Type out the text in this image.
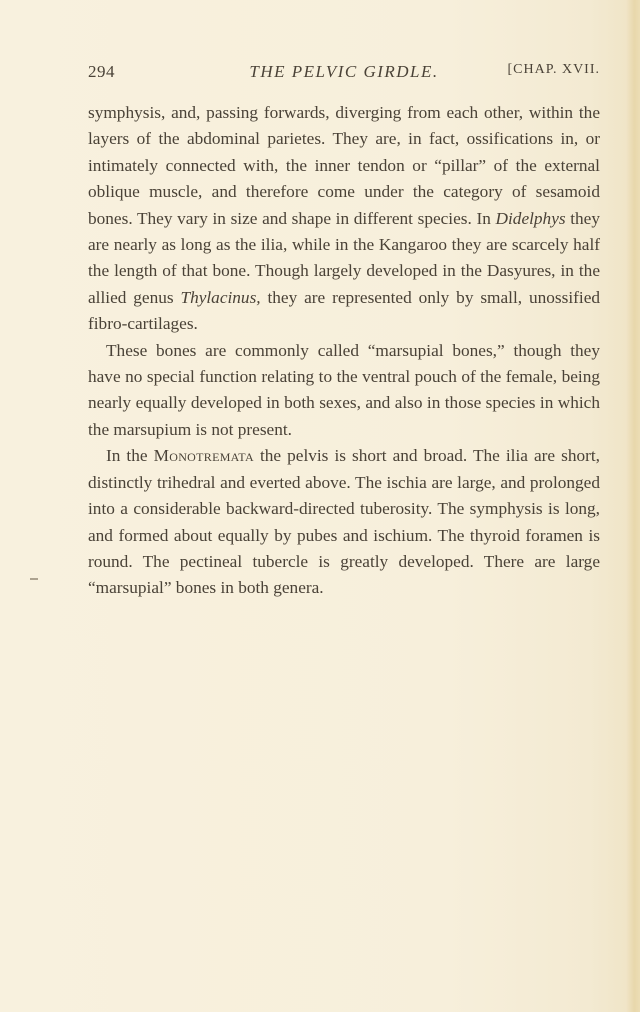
294	THE PELVIC GIRDLE.	[CHAP. XVII.

symphysis, and, passing forwards, diverging from each other, within the layers of the abdominal parietes. They are, in fact, ossifications in, or intimately connected with, the inner tendon or “pillar” of the external oblique muscle, and therefore come under the category of sesamoid bones. They vary in size and shape in different species. In Didelphys they are nearly as long as the ilia, while in the Kangaroo they are scarcely half the length of that bone. Though largely developed in the Dasyures, in the allied genus Thylacinus, they are represented only by small, unossified fibro-cartilages.

These bones are commonly called “marsupial bones,” though they have no special function relating to the ventral pouch of the female, being nearly equally developed in both sexes, and also in those species in which the marsupium is not present.

In the Monotremata the pelvis is short and broad. The ilia are short, distinctly trihedral and everted above. The ischia are large, and prolonged into a considerable backward-directed tuberosity. The symphysis is long, and formed about equally by pubes and ischium. The thyroid foramen is round. The pectineal tubercle is greatly developed. There are large “marsupial” bones in both genera.
